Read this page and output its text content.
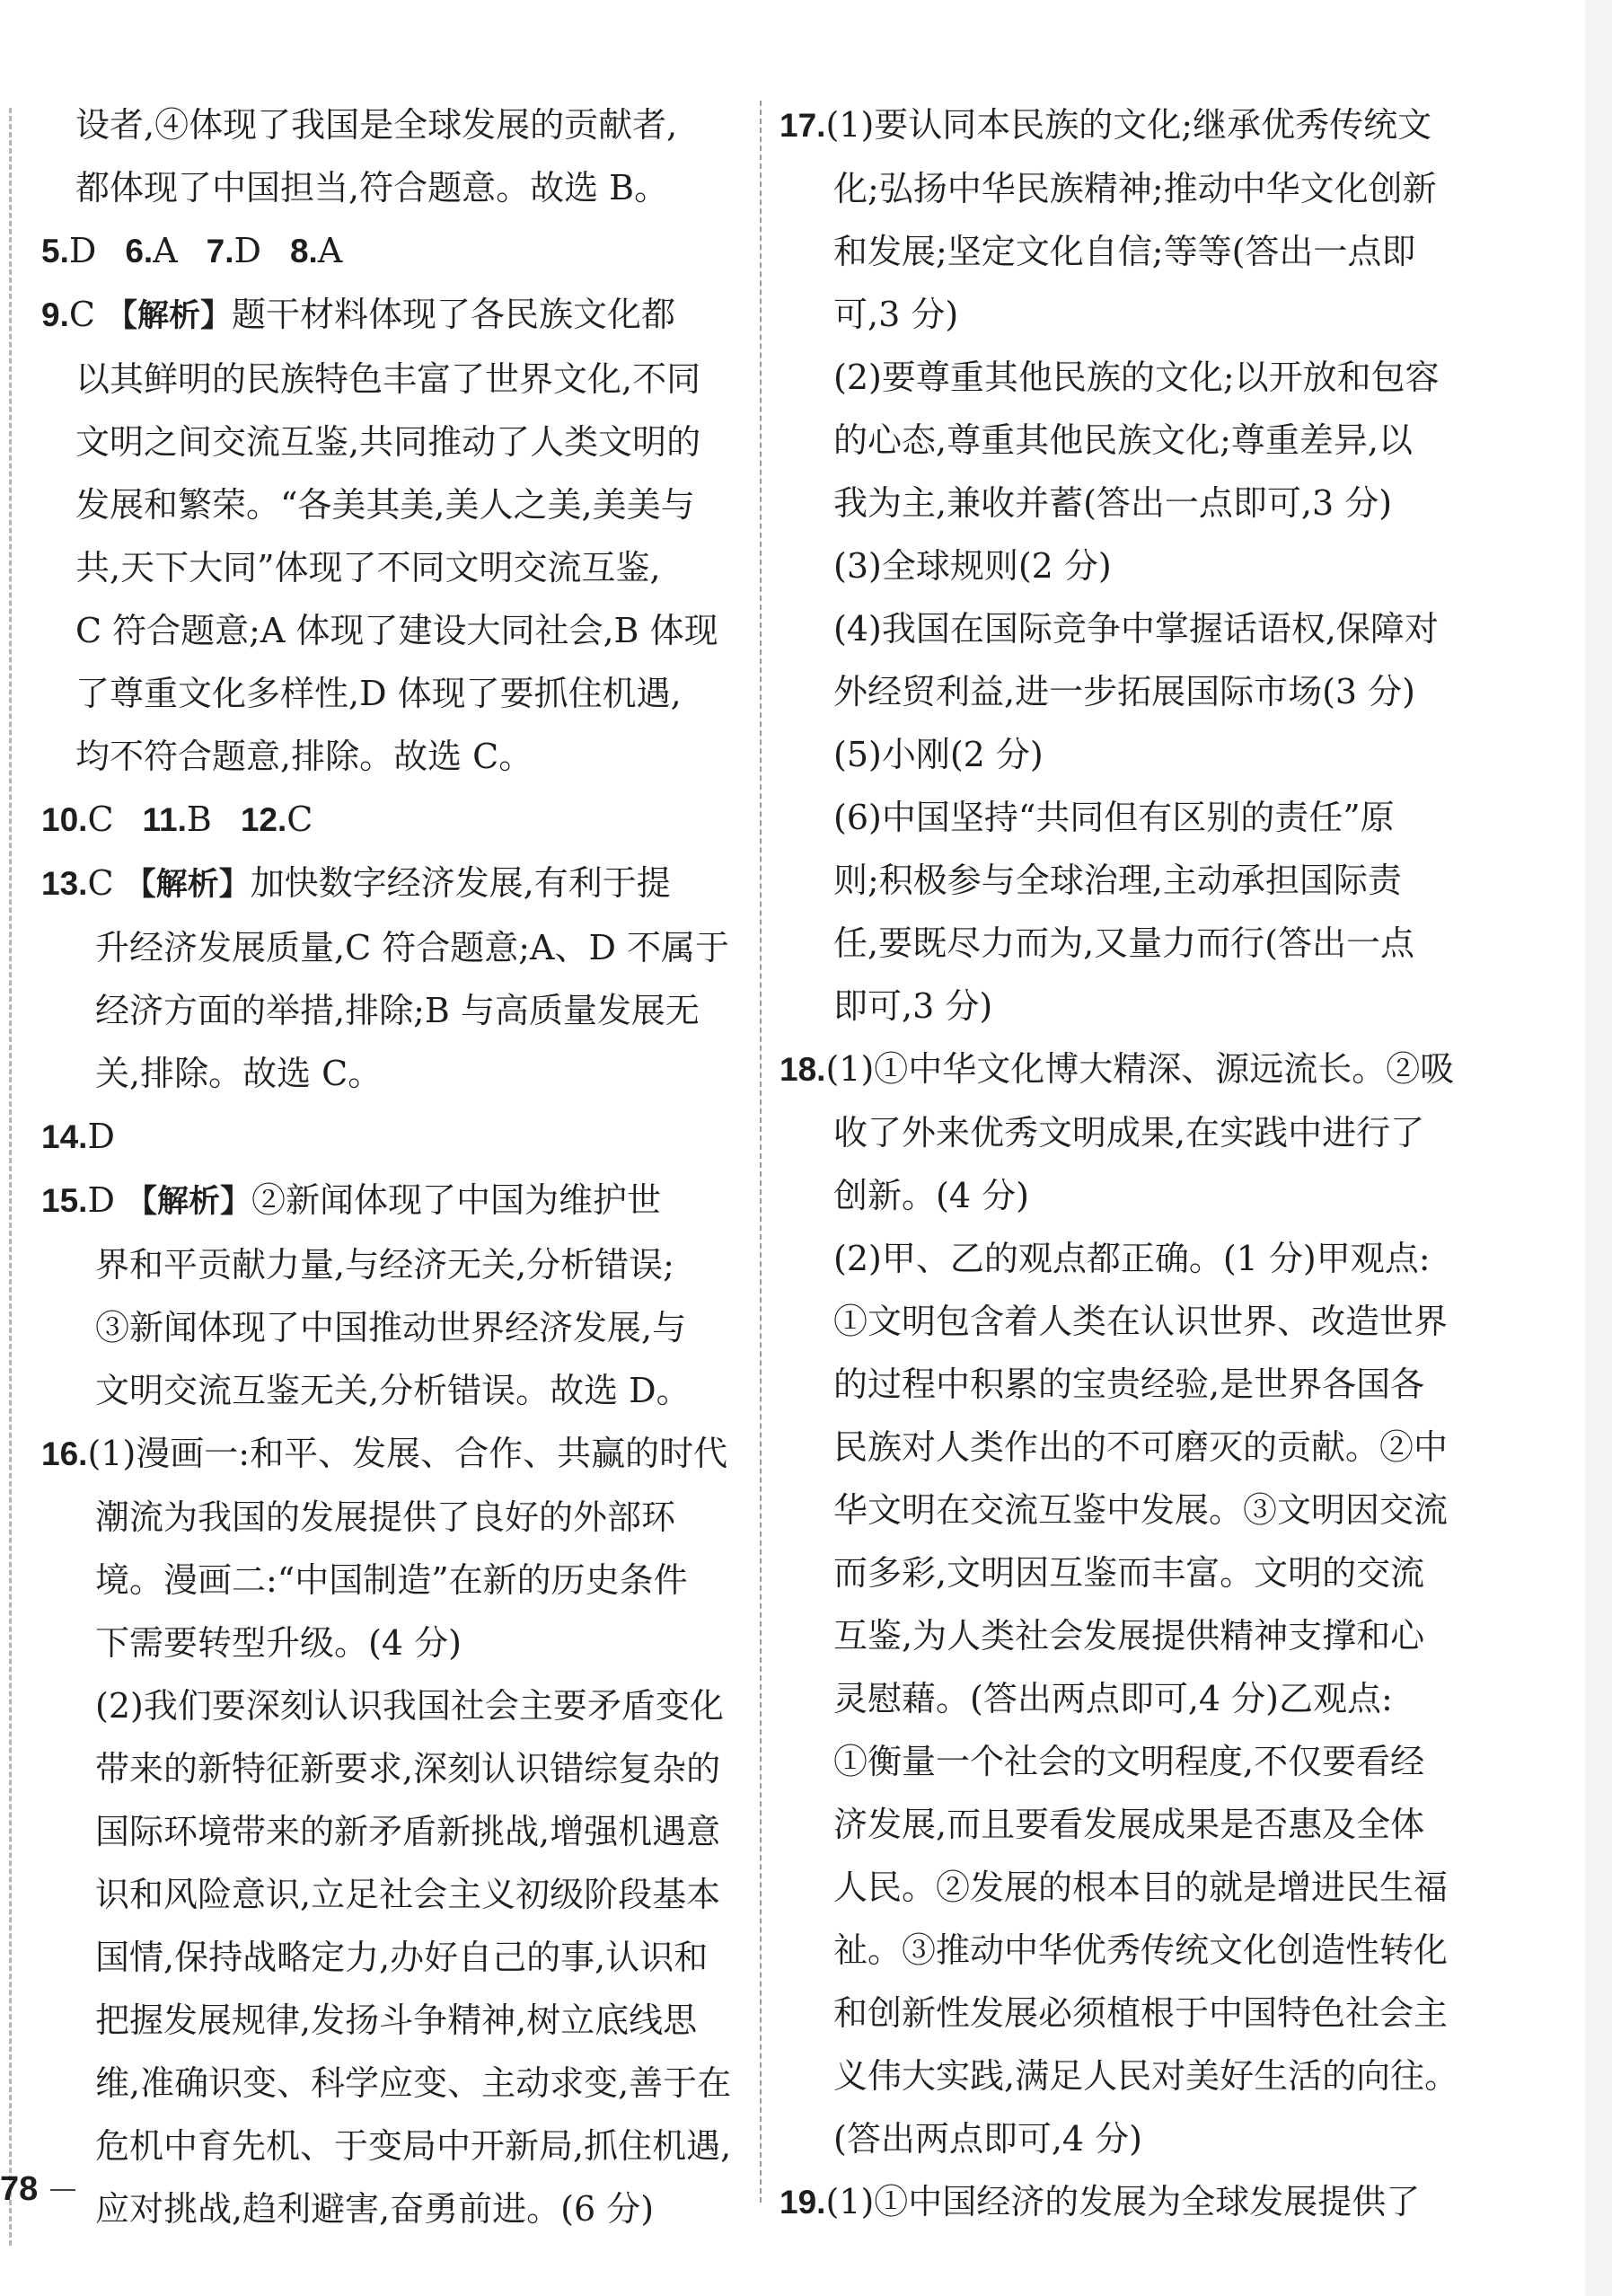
设者,④体现了我国是全球发展的贡献者,
都体现了中国担当,符合题意。故选 B。
5.D 6.A 7.D 8.A
9.C 【解析】题干材料体现了各民族文化都
以其鲜明的民族特色丰富了世界文化,不同
文明之间交流互鉴,共同推动了人类文明的
发展和繁荣。“各美其美,美人之美,美美与
共,天下大同”体现了不同文明交流互鉴,
C 符合题意;A 体现了建设大同社会,B 体现
了尊重文化多样性,D 体现了要抓住机遇,
均不符合题意,排除。故选 C。
10.C 11.B 12.C
13.C 【解析】加快数字经济发展,有利于提
升经济发展质量,C 符合题意;A、D 不属于
经济方面的举措,排除;B 与高质量发展无
关,排除。故选 C。
14.D
15.D 【解析】②新闻体现了中国为维护世
界和平贡献力量,与经济无关,分析错误;
③新闻体现了中国推动世界经济发展,与
文明交流互鉴无关,分析错误。故选 D。
16.(1)漫画一:和平、发展、合作、共赢的时代
潮流为我国的发展提供了良好的外部环
境。漫画二:“中国制造”在新的历史条件
下需要转型升级。(4 分)
(2)我们要深刻认识我国社会主要矛盾变化
带来的新特征新要求,深刻认识错综复杂的
国际环境带来的新矛盾新挑战,增强机遇意
识和风险意识,立足社会主义初级阶段基本
国情,保持战略定力,办好自己的事,认识和
把握发展规律,发扬斗争精神,树立底线思
维,准确识变、科学应变、主动求变,善于在
危机中育先机、于变局中开新局,抓住机遇,
应对挑战,趋利避害,奋勇前进。(6 分)
17.(1)要认同本民族的文化;继承优秀传统文
化;弘扬中华民族精神;推动中华文化创新
和发展;坚定文化自信;等等(答出一点即
可,3 分)
(2)要尊重其他民族的文化;以开放和包容
的心态,尊重其他民族文化;尊重差异,以
我为主,兼收并蓄(答出一点即可,3 分)
(3)全球规则(2 分)
(4)我国在国际竞争中掌握话语权,保障对
外经贸利益,进一步拓展国际市场(3 分)
(5)小刚(2 分)
(6)中国坚持“共同但有区别的责任”原
则;积极参与全球治理,主动承担国际责
任,要既尽力而为,又量力而行(答出一点
即可,3 分)
18.(1)①中华文化博大精深、源远流长。②吸
收了外来优秀文明成果,在实践中进行了
创新。(4 分)
(2)甲、乙的观点都正确。(1 分)甲观点:
①文明包含着人类在认识世界、改造世界
的过程中积累的宝贵经验,是世界各国各
民族对人类作出的不可磨灭的贡献。②中
华文明在交流互鉴中发展。③文明因交流
而多彩,文明因互鉴而丰富。文明的交流
互鉴,为人类社会发展提供精神支撑和心
灵慰藉。(答出两点即可,4 分)乙观点:
①衡量一个社会的文明程度,不仅要看经
济发展,而且要看发展成果是否惠及全体
人民。②发展的根本目的就是增进民生福
祉。③推动中华优秀传统文化创造性转化
和创新性发展必须植根于中国特色社会主
义伟大实践,满足人民对美好生活的向往。
(答出两点即可,4 分)
19.(1)①中国经济的发展为全球发展提供了
78
